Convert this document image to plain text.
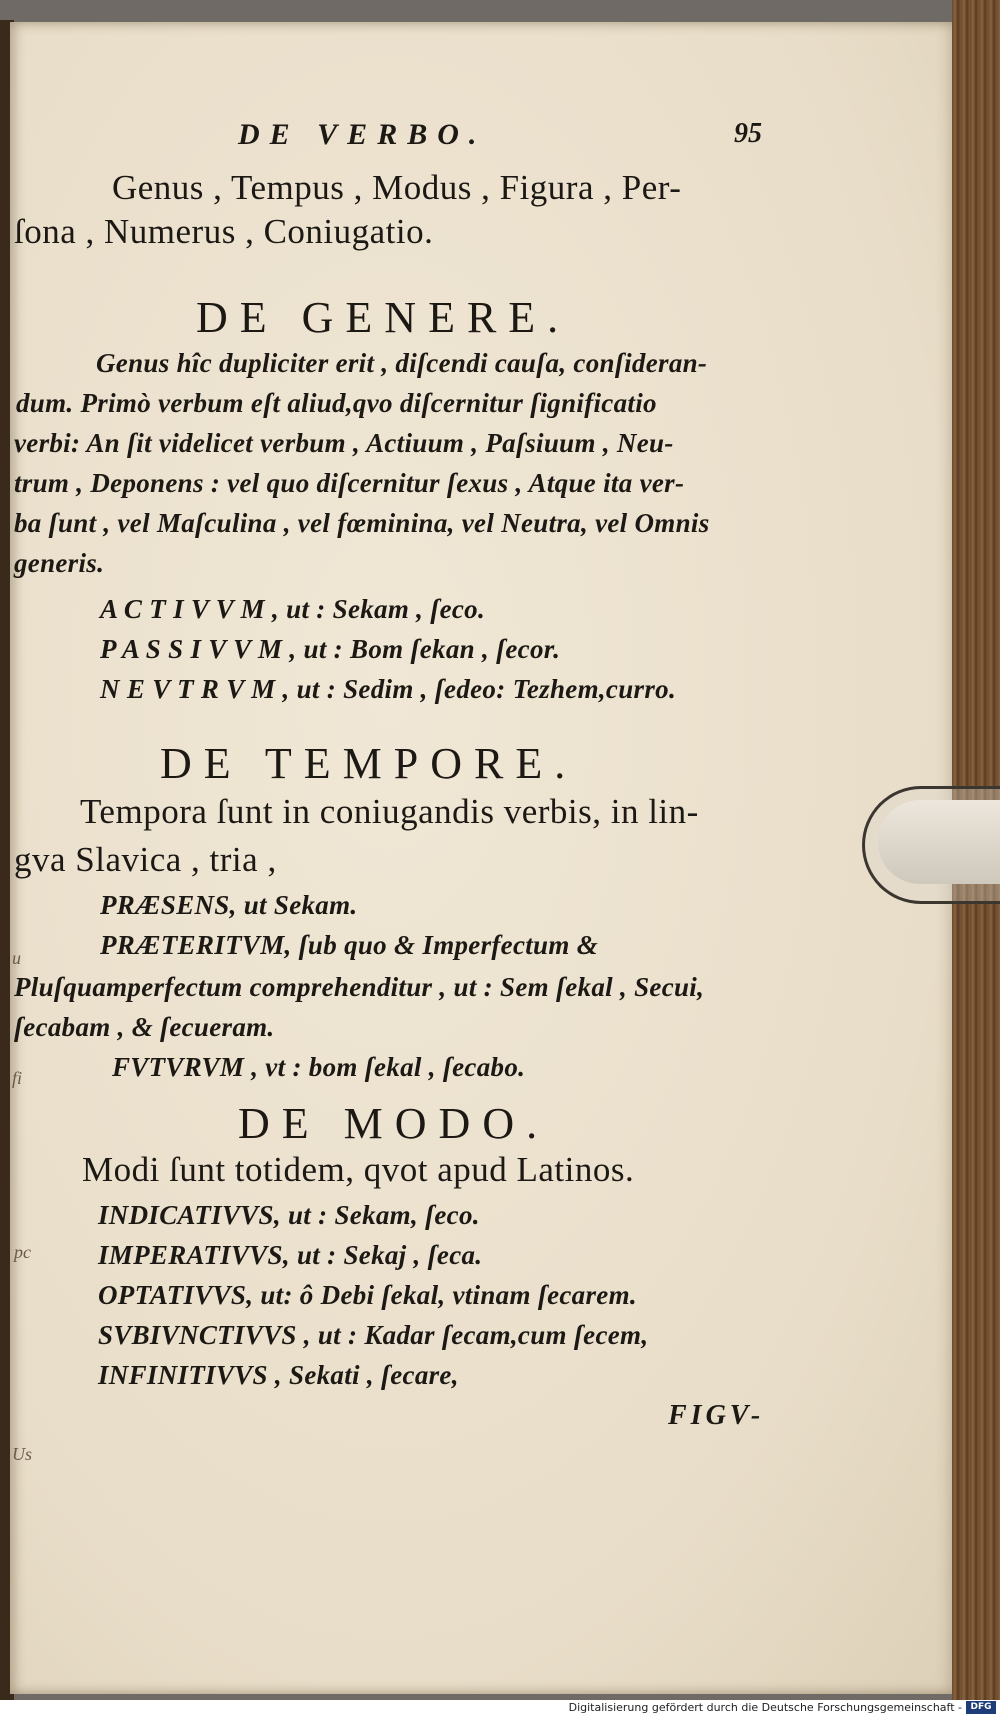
u
fi
pc
Us
DE VERBO.	95
Genus , Tempus , Modus , Figura , Per-
ſona , Numerus , Coniugatio.
DE GENERE.
Genus hîc dupliciter erit , diſcendi cauſa, conſideran-
dum. Primò verbum eſt aliud,qvo diſcernitur ſignificatio
verbi: An ſit videlicet verbum , Actiuum , Paſsiuum , Neu-
trum , Deponens : vel quo diſcernitur ſexus , Atque ita ver-
ba ſunt , vel Maſculina , vel fœminina, vel Neutra, vel Omnis
generis.
A C T I V V M , ut : Sekam , ſeco.
P A S S I V V M , ut : Bom ſekan , ſecor.
N E V T R V M , ut : Sedim , ſedeo: Tezhem,curro.
DE TEMPORE.
Tempora ſunt in coniugandis verbis, in lin-
gva Slavica , tria ,
PRÆSENS, ut Sekam.
PRÆTERITVM, ſub quo & Imperfectum &
Pluſquamperfectum comprehenditur , ut : Sem ſekal , Secui,
ſecabam , & ſecueram.
FVTVRVM , vt : bom ſekal , ſecabo.
DE MODO.
Modi ſunt totidem, qvot apud Latinos.
INDICATIVVS, ut : Sekam, ſeco.
IMPERATIVVS, ut : Sekaj , ſeca.
OPTATIVVS, ut: ô Debi ſekal, vtinam ſecarem.
SVBIVNCTIVVS , ut : Kadar ſecam,cum ſecem,
INFINITIVVS , Sekati , ſecare,
FIGV-
Digitalisierung gefördert durch die Deutsche Forschungsgemeinschaft - DFG
